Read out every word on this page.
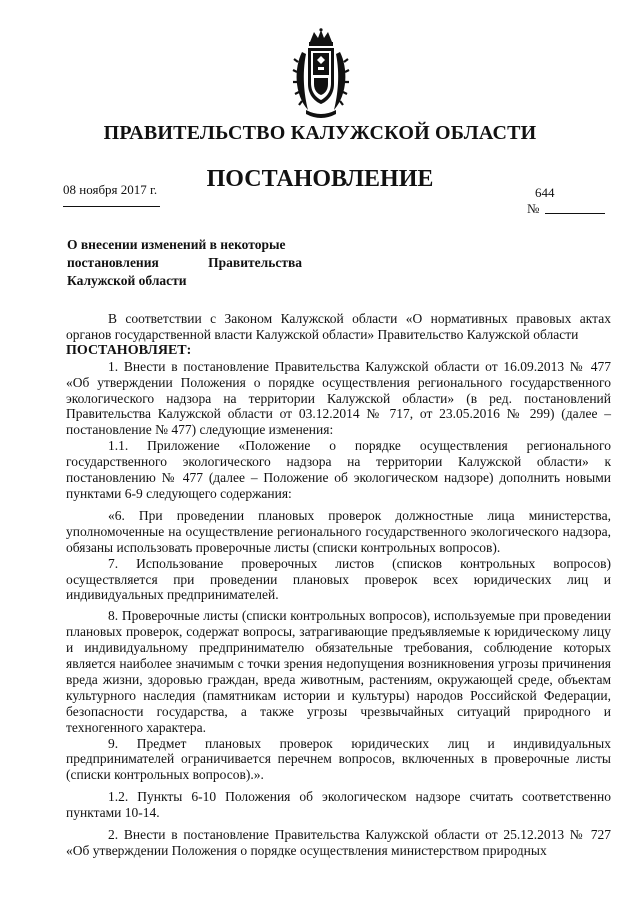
ПРАВИТЕЛЬСТВО КАЛУЖСКОЙ ОБЛАСТИ
ПОСТАНОВЛЕНИЕ
08 ноября 2017 г.	644
№
О внесении изменений в некоторые
постановления	Правительства
Калужской области

В соответствии с Законом Калужской области «О нормативных правовых актах органов государственной власти Калужской области» Правительство Калужской области

ПОСТАНОВЛЯЕТ:

1. Внести в постановление Правительства Калужской области от 16.09.2013 № 477 «Об утверждении Положения о порядке осуществления регионального государственного экологического надзора на территории Калужской области» (в ред. постановлений Правительства Калужской области от 03.12.2014 № 717, от 23.05.2016 № 299) (далее – постановление № 477) следующие изменения:

1.1. Приложение «Положение о порядке осуществления регионального государственного экологического надзора на территории Калужской области» к постановлению № 477 (далее – Положение об экологическом надзоре) дополнить новыми пунктами 6-9 следующего содержания:

«6. При проведении плановых проверок должностные лица министерства, уполномоченные на осуществление регионального государственного экологического надзора, обязаны использовать проверочные листы (списки контрольных вопросов).

7. Использование проверочных листов (списков контрольных вопросов) осуществляется при проведении плановых проверок всех юридических лиц и индивидуальных предпринимателей.

8. Проверочные листы (списки контрольных вопросов), используемые при проведении плановых проверок, содержат вопросы, затрагивающие предъявляемые к юридическому лицу и индивидуальному предпринимателю обязательные требования, соблюдение которых является наиболее значимым с точки зрения недопущения возникновения угрозы причинения вреда жизни, здоровью граждан, вреда животным, растениям, окружающей среде, объектам культурного наследия (памятникам истории и культуры) народов Российской Федерации, безопасности государства, а также угрозы чрезвычайных ситуаций природного и техногенного характера.

9. Предмет плановых проверок юридических лиц и индивидуальных предпринимателей ограничивается перечнем вопросов, включенных в проверочные листы (списки контрольных вопросов).».

1.2. Пункты 6-10 Положения об экологическом надзоре считать соответственно пунктами 10-14.

2. Внести в постановление Правительства Калужской области от 25.12.2013 № 727 «Об утверждении Положения о порядке осуществления министерством природных
